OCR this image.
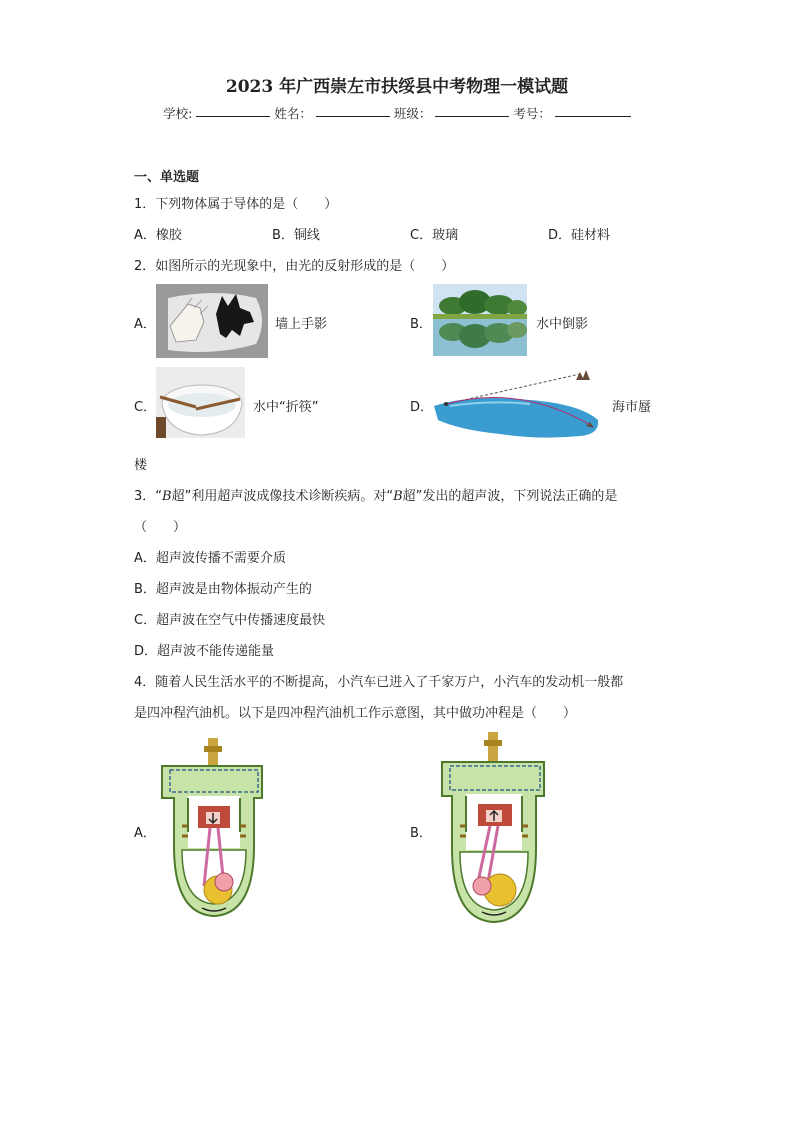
2023 年广西崇左市扶绥县中考物理一模试题
学校:	姓名：	班级：	考号：
一、单选题
1．下列物体属于导体的是（　　）
A．橡胶	B．铜线	C．玻璃	D．硅材料
2．如图所示的光现象中，由光的反射形成的是（　　）
A．	墙上手影	B．	水中倒影
C．	水中“折筷”	D．	海市蜃
楼
3．“B超”利用超声波成像技术诊断疾病。对“B超”发出的超声波，下列说法正确的是
（　　）
A．超声波传播不需要介质
B．超声波是由物体振动产生的
C．超声波在空气中传播速度最快
D．超声波不能传递能量
4．随着人民生活水平的不断提高，小汽车已进入了千家万户，小汽车的发动机一般都
是四冲程汽油机。以下是四冲程汽油机工作示意图，其中做功冲程是（　　）
A．	B．
